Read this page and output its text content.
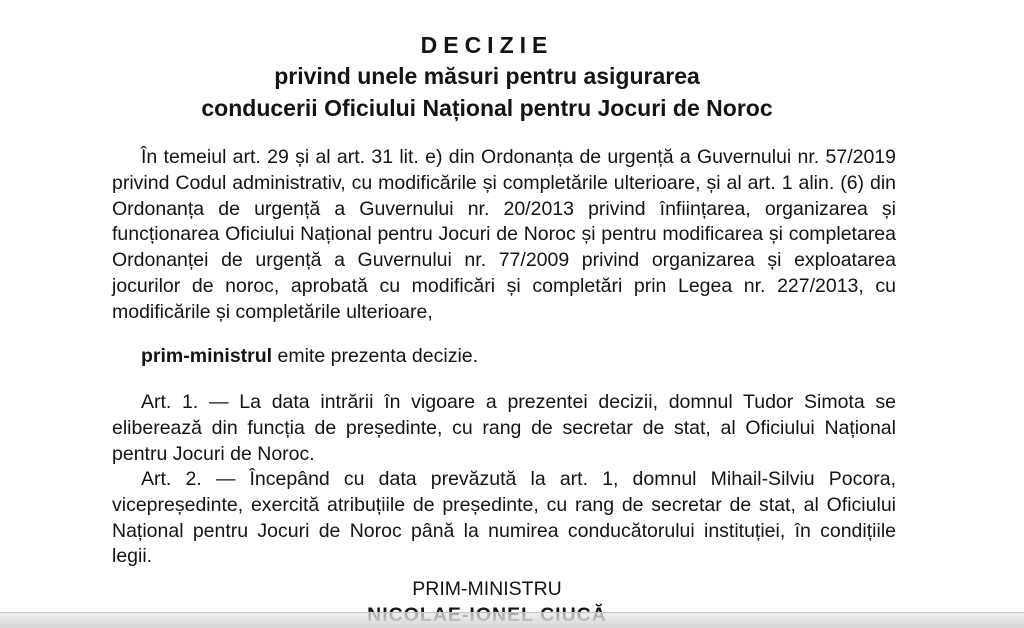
DECIZIE
privind unele măsuri pentru asigurarea
conducerii Oficiului Național pentru Jocuri de Noroc

În temeiul art. 29 și al art. 31 lit. e) din Ordonanța de urgență a Guvernului nr. 57/2019 privind Codul administrativ, cu modificările și completările ulterioare, și al art. 1 alin. (6) din Ordonanța de urgență a Guvernului nr. 20/2013 privind înființarea, organizarea și funcționarea Oficiului Național pentru Jocuri de Noroc și pentru modificarea și completarea Ordonanței de urgență a Guvernului nr. 77/2009 privind organizarea și exploatarea jocurilor de noroc, aprobată cu modificări și completări prin Legea nr. 227/2013, cu modificările și completările ulterioare,

prim-ministrul emite prezenta decizie.

Art. 1. — La data intrării în vigoare a prezentei decizii, domnul Tudor Simota se eliberează din funcția de președinte, cu rang de secretar de stat, al Oficiului Național pentru Jocuri de Noroc.

Art. 2. — Începând cu data prevăzută la art. 1, domnul Mihail-Silviu Pocora, vicepreședinte, exercită atribuțiile de președinte, cu rang de secretar de stat, al Oficiului Național pentru Jocuri de Noroc până la numirea conducătorului instituției, în condițiile legii.

PRIM-MINISTRU
